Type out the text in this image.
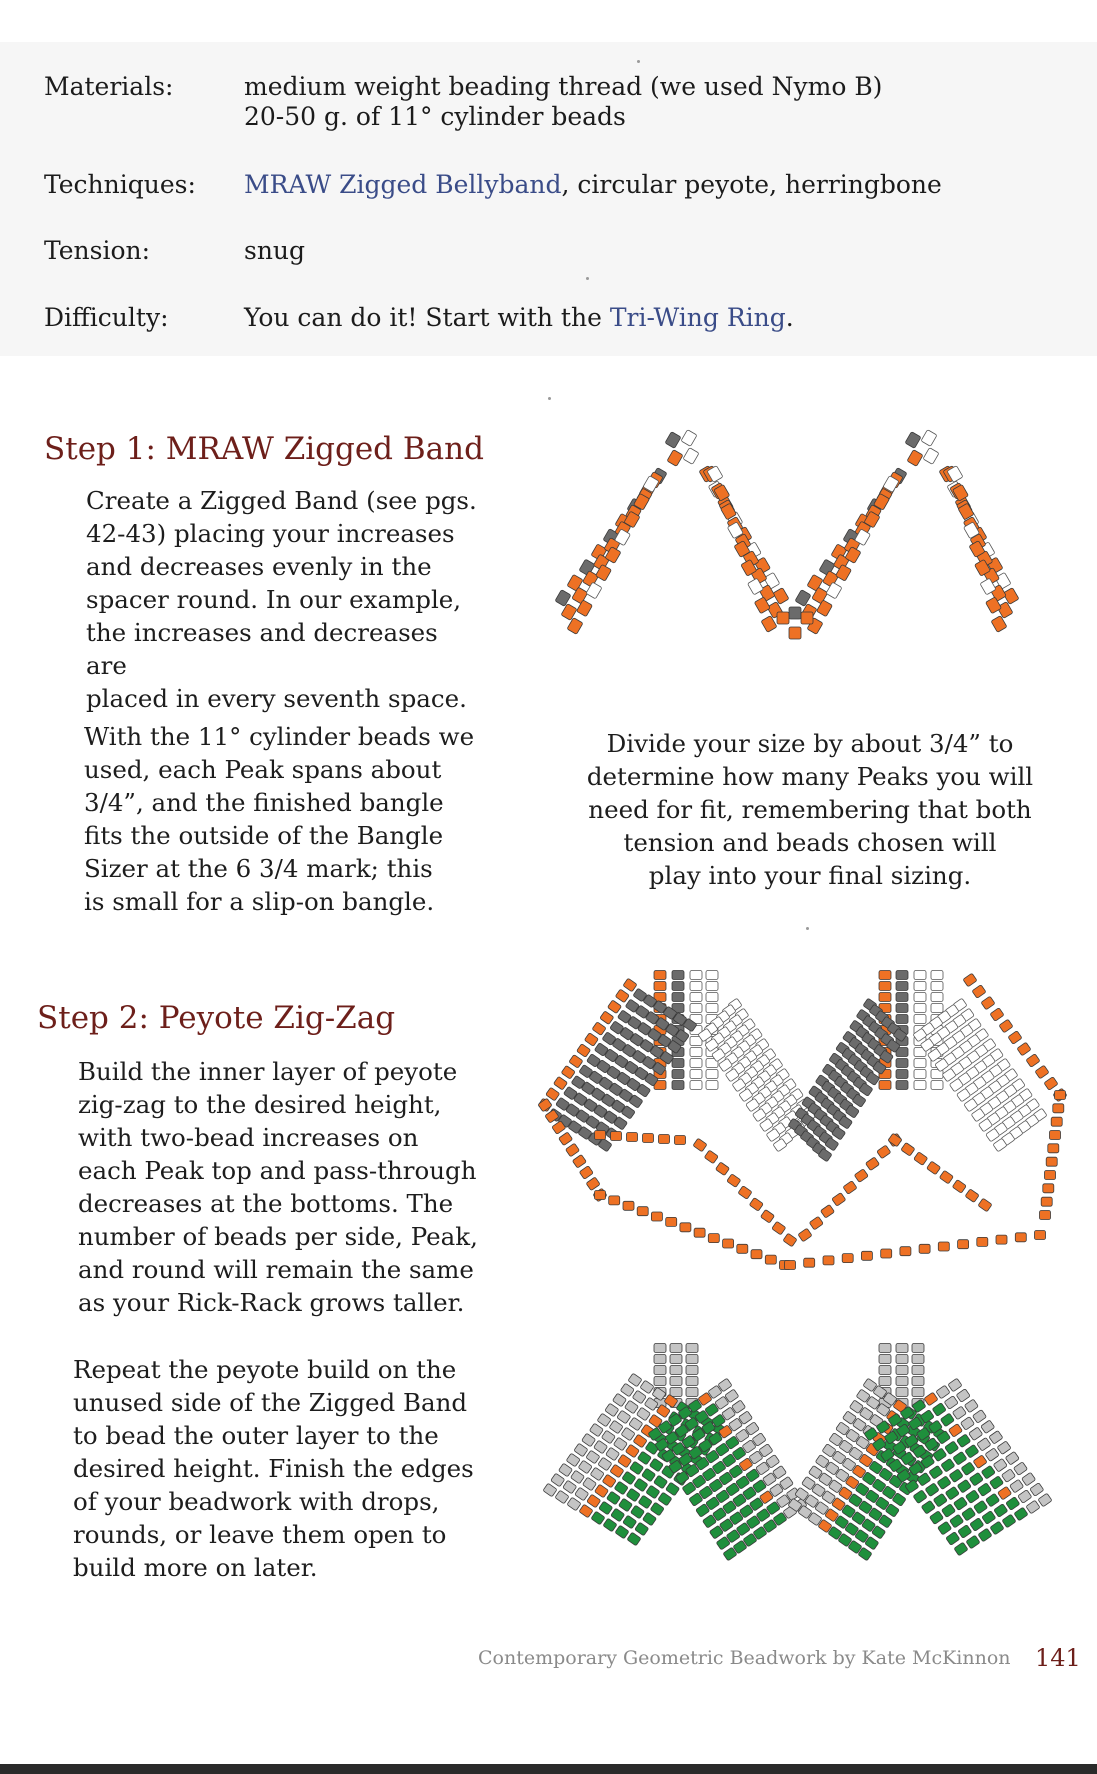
Materials:	medium weight beading thread (we used Nymo B)
20-50 g. of 11° cylinder beads
Techniques:	MRAW Zigged Bellyband, circular peyote, herringbone
Tension:	snug
Difficulty:	You can do it! Start with the Tri-Wing Ring.
Step 1: MRAW Zigged Band
Create a Zigged Band (see pgs.
42-43) placing your increases
and decreases evenly in the
spacer round. In our example,
the increases and decreases are
placed in every seventh space.
With the 11° cylinder beads we
used, each Peak spans about
3/4”, and the finished bangle
fits the outside of the Bangle
Sizer at the 6 3/4 mark; this
is small for a slip-on bangle.
Divide your size by about 3/4” to
determine how many Peaks you will
need for fit, remembering that both
tension and beads chosen will
play into your final sizing.
Step 2: Peyote Zig-Zag
Build the inner layer of peyote
zig-zag to the desired height,
with two-bead increases on
each Peak top and pass-through
decreases at the bottoms. The
number of beads per side, Peak,
and round will remain the same
as your Rick-Rack grows taller.
Repeat the peyote build on the
unused side of the Zigged Band
to bead the outer layer to the
desired height. Finish the edges
of your beadwork with drops,
rounds, or leave them open to
build more on later.
Contemporary Geometric Beadwork by Kate McKinnon 141
